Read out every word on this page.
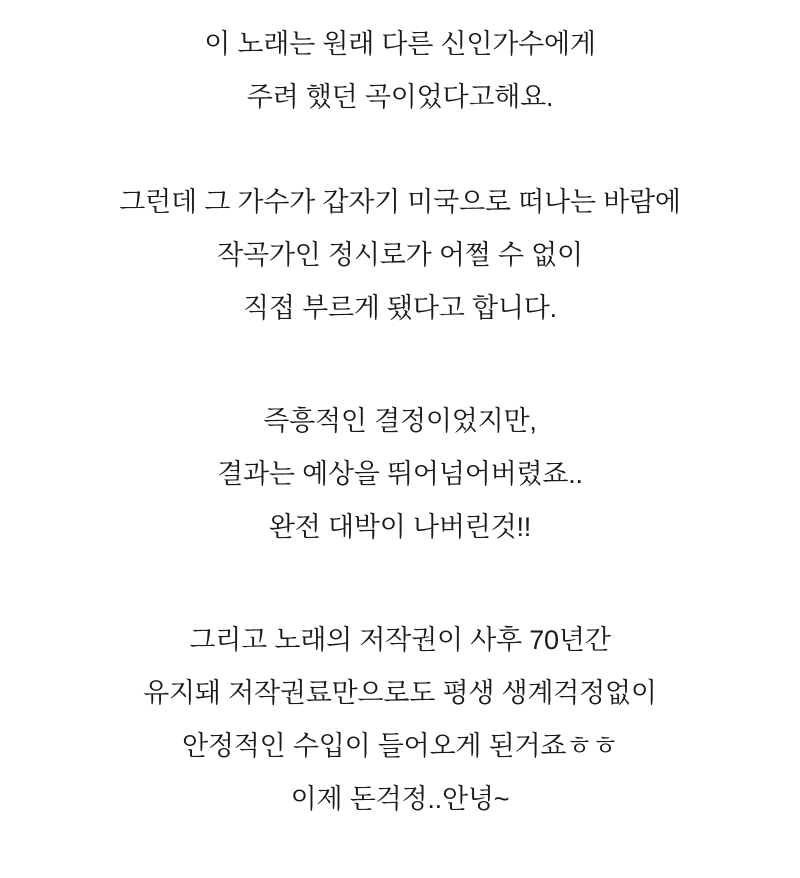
이 노래는 원래 다른 신인가수에게
주려 했던 곡이었다고해요.
그런데 그 가수가 갑자기 미국으로 떠나는 바람에
작곡가인 정시로가 어쩔 수 없이
직접 부르게 됐다고 합니다.
즉흥적인 결정이었지만,
결과는 예상을 뛰어넘어버렸죠..
완전 대박이 나버린것!!
그리고 노래의 저작권이 사후 70년간
유지돼 저작권료만으로도 평생 생계걱정없이
안정적인 수입이 들어오게 된거죠ㅎㅎ
이제 돈걱정..안녕~
